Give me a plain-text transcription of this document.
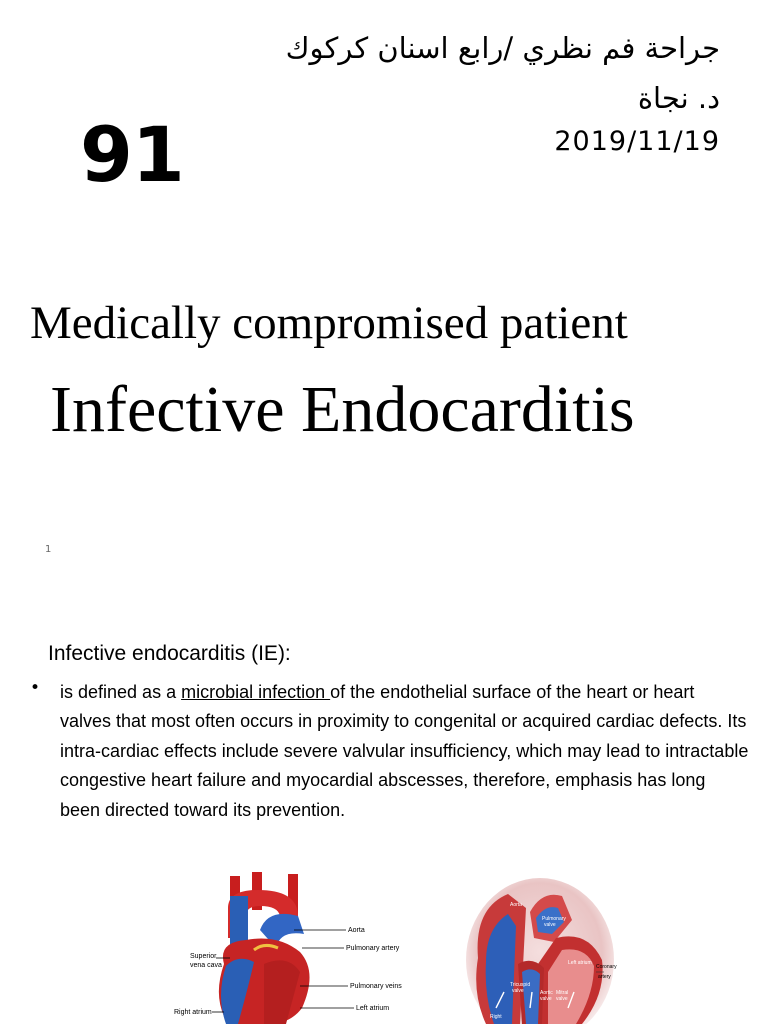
جراحة فم نظري /رابع اسنان كركوك
د. نجاة
2019/11/19
91
Medically compromised patient
Infective Endocarditis
1
Infective endocarditis (IE):
• is defined as a microbial infection of the endothelial surface of the heart or heart valves that most often occurs in proximity to congenital or acquired cardiac defects. Its intra-cardiac effects include severe valvular insufficiency, which may lead to intractable congestive heart failure and myocardial abscesses, therefore, emphasis has long been directed toward its prevention.
Aorta
Pulmonary artery
Superior
vena cava
Pulmonary veins
Left atrium
Right atrium
Aorta
Pulmonary
valve
Left atrium
Tricuspid
valve	Aortic
valve
Mitral
valve
Right
Coronary
artery
